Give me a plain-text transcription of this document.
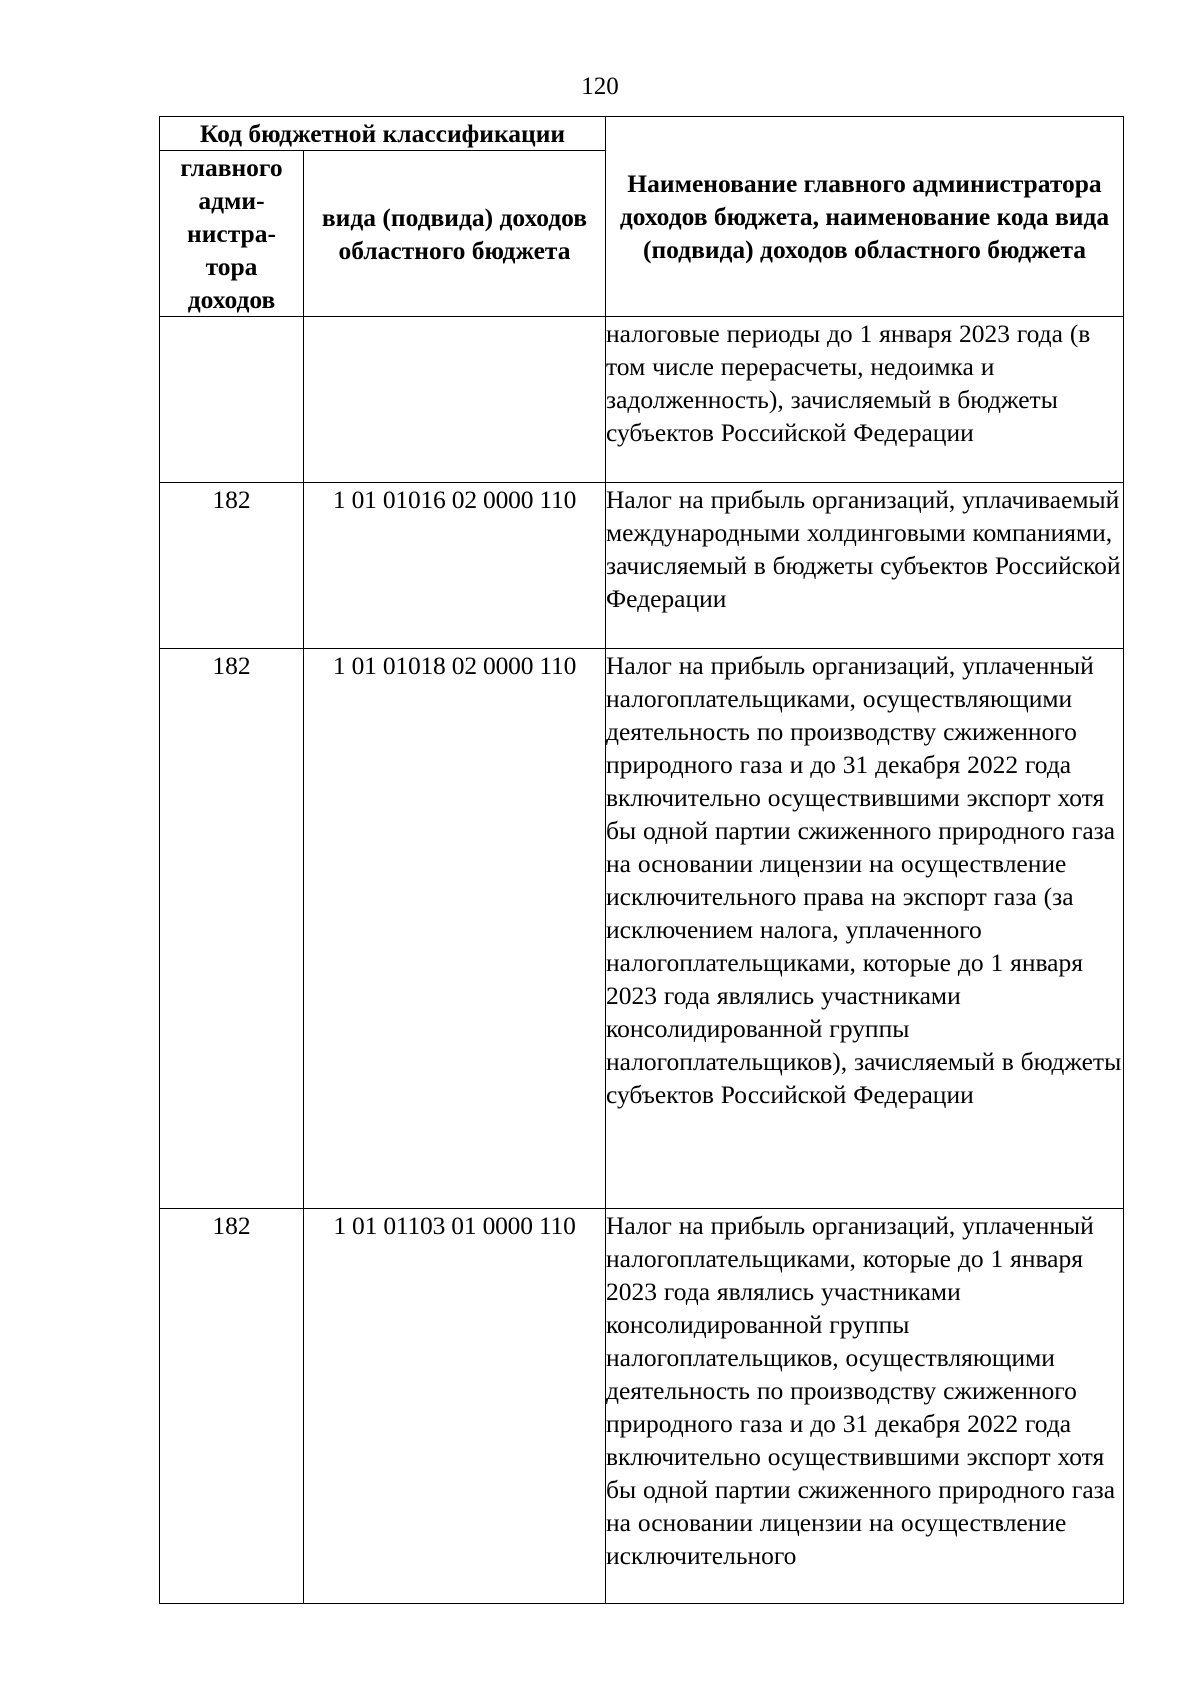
120
Код бюджетной классификации		Наименование главного администратора доходов бюджета, наименование кода вида (подвида) доходов областного бюджета
главного адми- нистра- тора доходов	вида (подвида) доходов областного бюджета	
		налоговые периоды до 1 января 2023 года (в том числе перерасчеты, недоимка и задолженность), зачисляемый в бюджеты субъектов Российской Федерации
182	1 01 01016 02 0000 110	Налог на прибыль организаций, уплачиваемый международными холдинговыми компаниями, зачисляемый в бюджеты субъектов Российской Федерации
182	1 01 01018 02 0000 110	Налог на прибыль организаций, уплаченный налогоплательщиками, осуществляющими деятельность по производству сжиженного природного газа и до 31 декабря 2022 года включительно осуществившими экспорт хотя бы одной партии сжиженного природного газа на основании лицензии на осуществление исключительного права на экспорт газа (за исключением налога, уплаченного налогоплательщиками, которые до 1 января 2023 года являлись участниками консолидированной группы налогоплательщиков), зачисляемый в бюджеты субъектов Российской Федерации
182	1 01 01103 01 0000 110	Налог на прибыль организаций, уплаченный налогоплательщиками, которые до 1 января 2023 года являлись участниками консолидированной группы налогоплательщиков, осуществляющими деятельность по производству сжиженного природного газа и до 31 декабря 2022 года включительно осуществившими экспорт хотя бы одной партии сжиженного природного газа на основании лицензии на осуществление исключительного
